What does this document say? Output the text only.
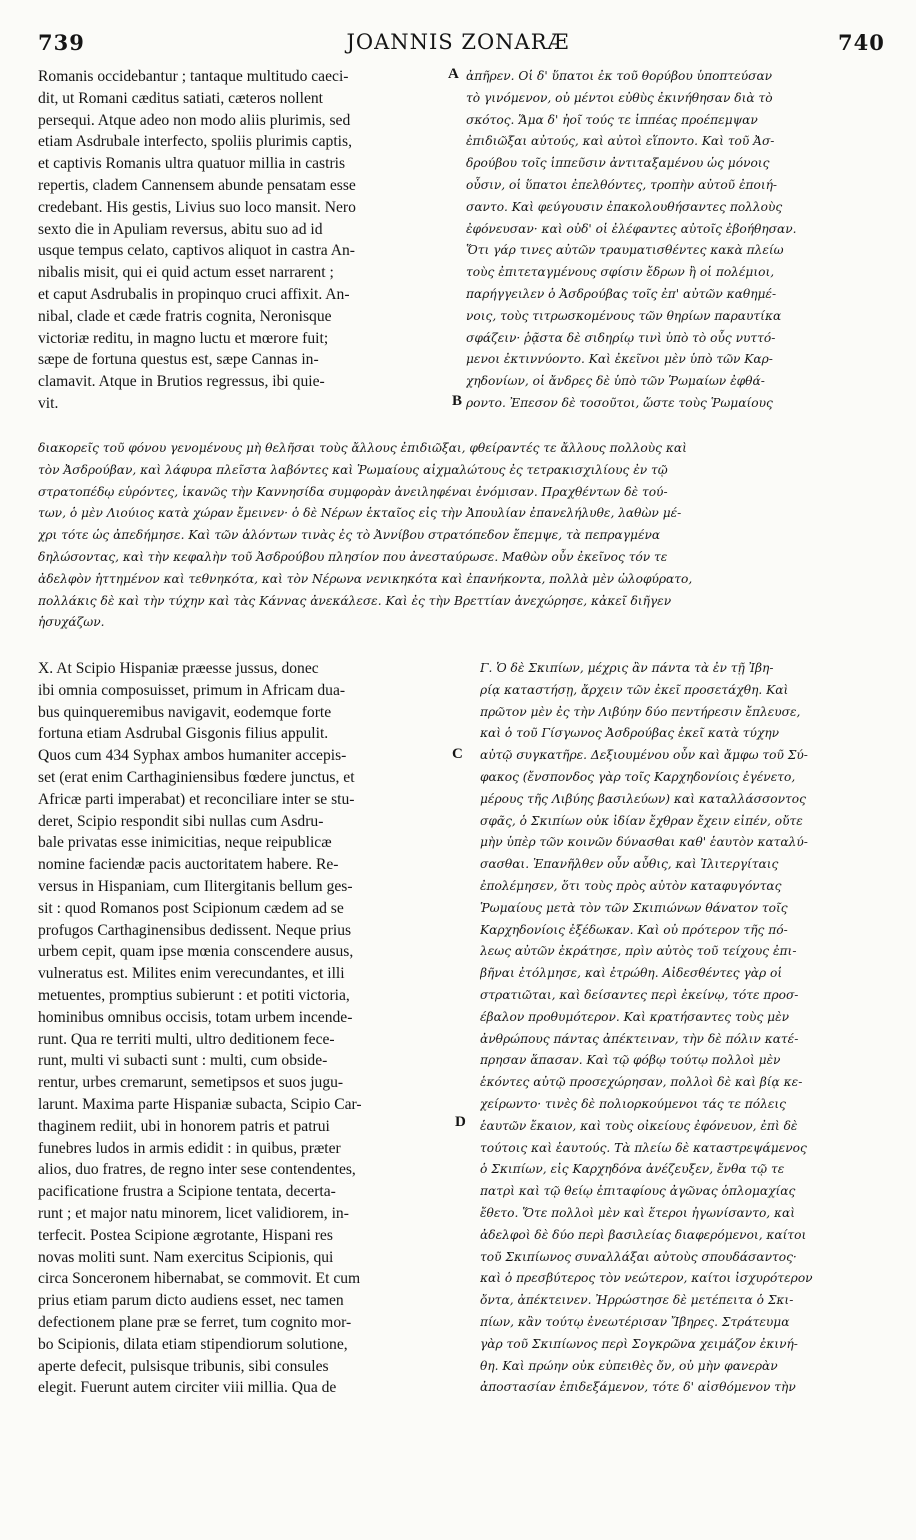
739	JOANNIS ZONARÆ	740
A
B
C
D
Romanis occidebantur ; tantaque multitudo caeci-
dit, ut Romani cæditus satiati, cæteros nollent
persequi. Atque adeo non modo aliis plurimis, sed
etiam Asdrubale interfecto, spoliis plurimis captis,
et captivis Romanis ultra quatuor millia in castris
repertis, cladem Cannensem abunde pensatam esse
credebant. His gestis, Livius suo loco mansit. Nero
sexto die in Apuliam reversus, abitu suo ad id
usque tempus celato, captivos aliquot in castra An-
nibalis misit, qui ei quid actum esset narrarent ;
et caput Asdrubalis in propinquo cruci affixit. An-
nibal, clade et cæde fratris cognita, Neronisque
victoriæ reditu, in magno luctu et mœrore fuit;
sæpe de fortuna questus est, sæpe Cannas in-
clamavit. Atque in Brutios regressus, ibi quie-
vit.
ἀπῆρεν. Οἱ δ' ὕπατοι ἐκ τοῦ θορύβου ὑποπτεύσαν
τὸ γινόμενον, οὐ μέντοι εὐθὺς ἐκινήθησαν διὰ τὸ
σκότος. Ἅμα δ' ἠοῖ τούς τε ἱππέας προέπεμψαν
ἐπιδιῶξαι αὐτούς, καὶ αὐτοὶ εἵποντο. Καὶ τοῦ Ἀσ-
δρούβου τοῖς ἱππεῦσιν ἀντιταξαμένου ὡς μόνοις
οὖσιν, οἱ ὕπατοι ἐπελθόντες, τροπὴν αὐτοῦ ἐποιή-
σαντο. Καὶ φεύγουσιν ἐπακολουθήσαντες πολλοὺς
ἐφόνευσαν· καὶ οὐδ' οἱ ἐλέφαντες αὐτοῖς ἐβοήθησαν.
Ὅτι γάρ τινες αὐτῶν τραυματισθέντες κακὰ πλείω
τοὺς ἐπιτεταγμένους σφίσιν ἔδρων ἢ οἱ πολέμιοι,
παρήγγειλεν ὁ Ἀσδρούβας τοῖς ἐπ' αὐτῶν καθημέ-
νοις, τοὺς τιτρωσκομένους τῶν θηρίων παραυτίκα
σφάζειν· ῥᾷστα δὲ σιδηρίῳ τινὶ ὑπὸ τὸ οὖς νυττό-
μενοι ἐκτιννύοντο. Καὶ ἐκεῖνοι μὲν ὑπὸ τῶν Καρ-
χηδονίων, οἱ ἄνδρες δὲ ὑπὸ τῶν Ῥωμαίων ἐφθά-
ροντο. Ἐπεσον δὲ τοσοῦτοι, ὥστε τοὺς Ῥωμαίους
διακορεῖς τοῦ φόνου γενομένους μὴ θελῆσαι τοὺς ἄλλους ἐπιδιῶξαι, φθείραντές τε ἄλλους πολλοὺς καὶ
τὸν Ἀσδρούβαν, καὶ λάφυρα πλεῖστα λαβόντες καὶ Ῥωμαίους αἰχμαλώτους ἐς τετρακισχιλίους ἐν τῷ
στρατοπέδῳ εὑρόντες, ἱκανῶς τὴν Καννησίδα συμφορὰν ἀνειληφέναι ἐνόμισαν. Πραχθέντων δὲ τού-
των, ὁ μὲν Λιούιος κατὰ χώραν ἔμεινεν· ὁ δὲ Νέρων ἑκταῖος εἰς τὴν Ἀπουλίαν ἐπανελήλυθε, λαθὼν μέ-
χρι τότε ὡς ἀπεδήμησε. Καὶ τῶν ἁλόντων τινὰς ἐς τὸ Ἀννίβου στρατόπεδον ἔπεμψε, τὰ πεπραγμένα
δηλώσοντας, καὶ τὴν κεφαλὴν τοῦ Ἀσδρούβου πλησίον που ἀνεσταύρωσε. Μαθὼν οὖν ἐκεῖνος τόν τε
ἀδελφὸν ἡττημένον καὶ τεθνηκότα, καὶ τὸν Νέρωνα νενικηκότα καὶ ἐπανήκοντα, πολλὰ μὲν ὠλοφύρατο,
πολλάκις δὲ καὶ τὴν τύχην καὶ τὰς Κάννας ἀνεκάλεσε. Καὶ ἐς τὴν Βρεττίαν ἀνεχώρησε, κἀκεῖ διῆγεν
ἡσυχάζων.
X. At Scipio Hispaniæ præesse jussus, donec
ibi omnia composuisset, primum in Africam dua-
bus quinqueremibus navigavit, eodemque forte
fortuna etiam Asdrubal Gisgonis filius appulit.
Quos cum 434 Syphax ambos humaniter accepis-
set (erat enim Carthaginiensibus fœdere junctus, et
Africæ parti imperabat) et reconciliare inter se stu-
deret, Scipio respondit sibi nullas cum Asdru-
bale privatas esse inimicitias, neque reipublicæ
nomine faciendæ pacis auctoritatem habere. Re-
versus in Hispaniam, cum Ilitergitanis bellum ges-
sit : quod Romanos post Scipionum cædem ad se
profugos Carthaginensibus dedissent. Neque prius
urbem cepit, quam ipse mœnia conscendere ausus,
vulneratus est. Milites enim verecundantes, et illi
metuentes, promptius subierunt : et potiti victoria,
hominibus omnibus occisis, totam urbem incende-
runt. Qua re territi multi, ultro deditionem fece-
runt, multi vi subacti sunt : multi, cum obside-
rentur, urbes cremarunt, semetipsos et suos jugu-
larunt. Maxima parte Hispaniæ subacta, Scipio Car-
thaginem rediit, ubi in honorem patris et patrui
funebres ludos in armis edidit : in quibus, præter
alios, duo fratres, de regno inter sese contendentes,
pacificatione frustra a Scipione tentata, decerta-
runt ; et major natu minorem, licet validiorem, in-
terfecit. Postea Scipione ægrotante, Hispani res
novas moliti sunt. Nam exercitus Scipionis, qui
circa Sonceronem hibernabat, se commovit. Et cum
prius etiam parum dicto audiens esset, nec tamen
defectionem plane præ se ferret, tum cognito mor-
bo Scipionis, dilata etiam stipendiorum solutione,
aperte defecit, pulsisque tribunis, sibi consules
elegit. Fuerunt autem circiter viii millia. Qua de
Γ. Ὁ δὲ Σκιπίων, μέχρις ἂν πάντα τὰ ἐν τῇ Ἰβη-
ρίᾳ καταστήσῃ, ἄρχειν τῶν ἐκεῖ προσετάχθη. Καὶ
πρῶτον μὲν ἐς τὴν Λιβύην δύο πεντήρεσιν ἔπλευσε,
καὶ ὁ τοῦ Γίσγωνος Ἀσδρούβας ἐκεῖ κατὰ τύχην
αὐτῷ συγκατῆρε. Δεξιουμένου οὖν καὶ ἄμφω τοῦ Σύ-
φακος (ἔνσπονδος γὰρ τοῖς Καρχηδονίοις ἐγένετο,
μέρους τῆς Λιβύης βασιλεύων) καὶ καταλλάσσοντος
σφᾶς, ὁ Σκιπίων οὐκ ἰδίαν ἔχθραν ἔχειν εἰπέν, οὔτε
μὴν ὑπὲρ τῶν κοινῶν δύνασθαι καθ' ἑαυτὸν καταλύ-
σασθαι. Ἐπανῆλθεν οὖν αὖθις, καὶ Ἰλιτεργίταις
ἐπολέμησεν, ὅτι τοὺς πρὸς αὐτὸν καταφυγόντας
Ῥωμαίους μετὰ τὸν τῶν Σκιπιώνων θάνατον τοῖς
Καρχηδονίοις ἐξέδωκαν. Καὶ οὐ πρότερον τῆς πό-
λεως αὐτῶν ἐκράτησε, πρὶν αὐτὸς τοῦ τείχους ἐπι-
βῆναι ἐτόλμησε, καὶ ἐτρώθη. Αἰδεσθέντες γὰρ οἱ
στρατιῶται, καὶ δείσαντες περὶ ἐκείνῳ, τότε προσ-
έβαλον προθυμότερον. Καὶ κρατήσαντες τοὺς μὲν
ἀνθρώπους πάντας ἀπέκτειναν, τὴν δὲ πόλιν κατέ-
πρησαν ἅπασαν. Καὶ τῷ φόβῳ τούτῳ πολλοὶ μὲν
ἑκόντες αὐτῷ προσεχώρησαν, πολλοὶ δὲ καὶ βίᾳ κε-
χείρωντο· τινὲς δὲ πολιορκούμενοι τάς τε πόλεις
ἑαυτῶν ἔκαιον, καὶ τοὺς οἰκείους ἐφόνευον, ἐπὶ δὲ
τούτοις καὶ ἑαυτούς. Τὰ πλείω δὲ καταστρεψάμενος
ὁ Σκιπίων, εἰς Καρχηδόνα ἀνέζευξεν, ἔνθα τῷ τε
πατρὶ καὶ τῷ θείῳ ἐπιταφίους ἀγῶνας ὁπλομαχίας
ἔθετο. Ὅτε πολλοὶ μὲν καὶ ἕτεροι ἠγωνίσαντο, καὶ
ἀδελφοὶ δὲ δύο περὶ βασιλείας διαφερόμενοι, καίτοι
τοῦ Σκιπίωνος συναλλάξαι αὐτοὺς σπουδάσαντος·
καὶ ὁ πρεσβύτερος τὸν νεώτερον, καίτοι ἰσχυρότερον
ὄντα, ἀπέκτεινεν. Ἠρρώστησε δὲ μετέπειτα ὁ Σκι-
πίων, κἂν τούτῳ ἐνεωτέρισαν Ἴβηρες. Στράτευμα
γὰρ τοῦ Σκιπίωνος περὶ Σογκρῶνα χειμάζον ἐκινή-
θη. Καὶ πρώην οὐκ εὐπειθὲς ὄν, οὐ μὴν φανερὰν
ἀποστασίαν ἐπιδεξάμενον, τότε δ' αἰσθόμενον τὴν
